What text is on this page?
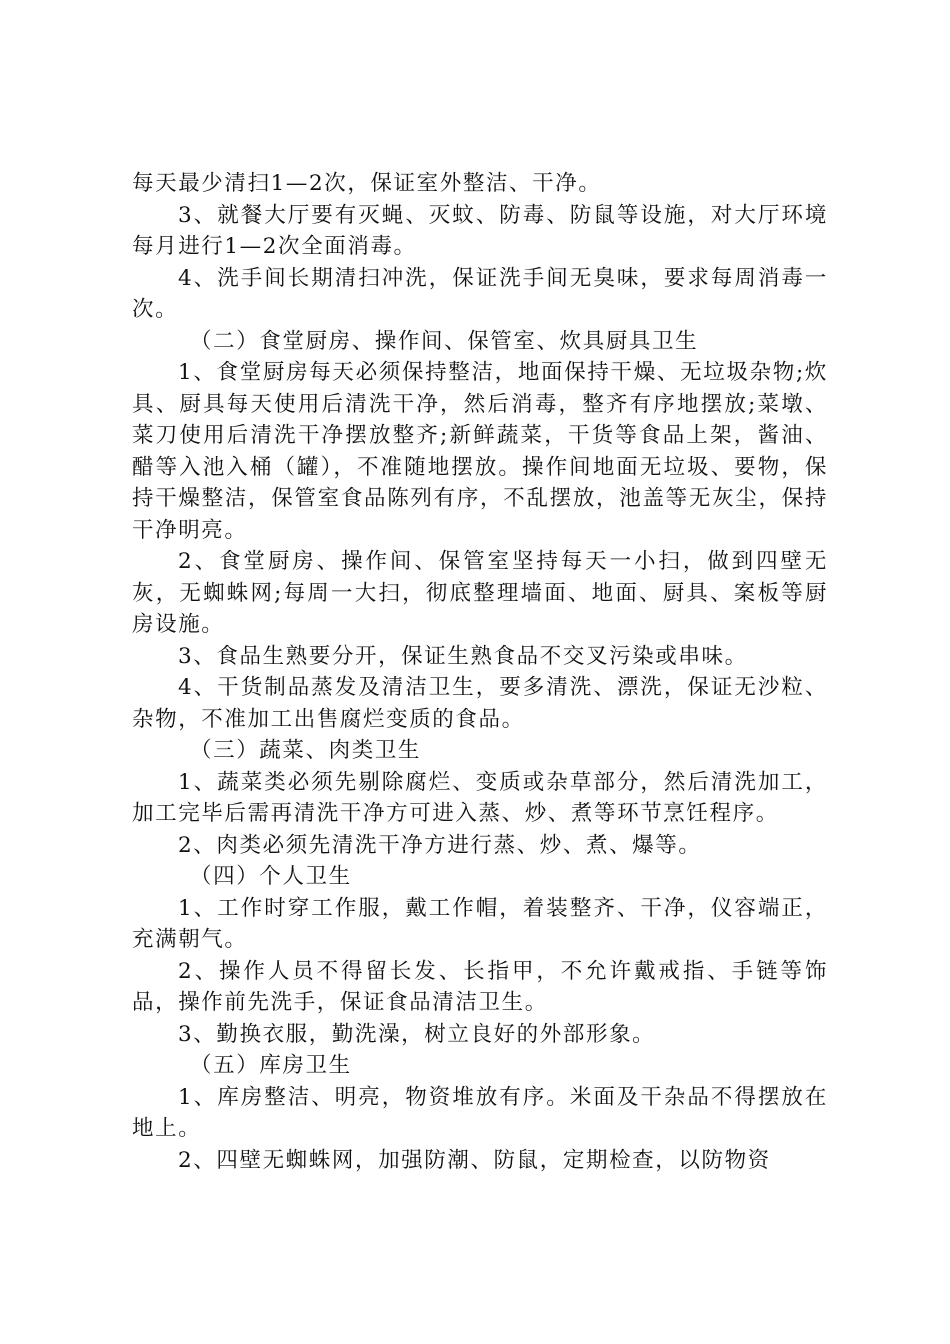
每天最少清扫1—2次，保证室外整洁、干净。

3、就餐大厅要有灭蝇、灭蚊、防毒、防鼠等设施，对大厅环境每月进行1—2次全面消毒。

4、洗手间长期清扫冲洗，保证洗手间无臭味，要求每周消毒一次。

（二）食堂厨房、操作间、保管室、炊具厨具卫生

1、食堂厨房每天必须保持整洁，地面保持干燥、无垃圾杂物;炊具、厨具每天使用后清洗干净，然后消毒，整齐有序地摆放;菜墩、菜刀使用后清洗干净摆放整齐;新鲜蔬菜，干货等食品上架，酱油、醋等入池入桶（罐），不准随地摆放。操作间地面无垃圾、要物，保持干燥整洁，保管室食品陈列有序，不乱摆放，池盖等无灰尘，保持干净明亮。

2、食堂厨房、操作间、保管室坚持每天一小扫，做到四壁无灰，无蜘蛛网;每周一大扫，彻底整理墙面、地面、厨具、案板等厨房设施。

3、食品生熟要分开，保证生熟食品不交叉污染或串味。

4、干货制品蒸发及清洁卫生，要多清洗、漂洗，保证无沙粒、杂物，不准加工出售腐烂变质的食品。

（三）蔬菜、肉类卫生

1、蔬菜类必须先剔除腐烂、变质或杂草部分，然后清洗加工，加工完毕后需再清洗干净方可进入蒸、炒、煮等环节烹饪程序。

2、肉类必须先清洗干净方进行蒸、炒、煮、爆等。

（四）个人卫生

1、工作时穿工作服，戴工作帽，着装整齐、干净，仪容端正，充满朝气。

2、操作人员不得留长发、长指甲，不允许戴戒指、手链等饰品，操作前先洗手，保证食品清洁卫生。

3、勤换衣服，勤洗澡，树立良好的外部形象。

（五）库房卫生

1、库房整洁、明亮，物资堆放有序。米面及干杂品不得摆放在地上。

2、四壁无蜘蛛网，加强防潮、防鼠，定期检查，以防物资
